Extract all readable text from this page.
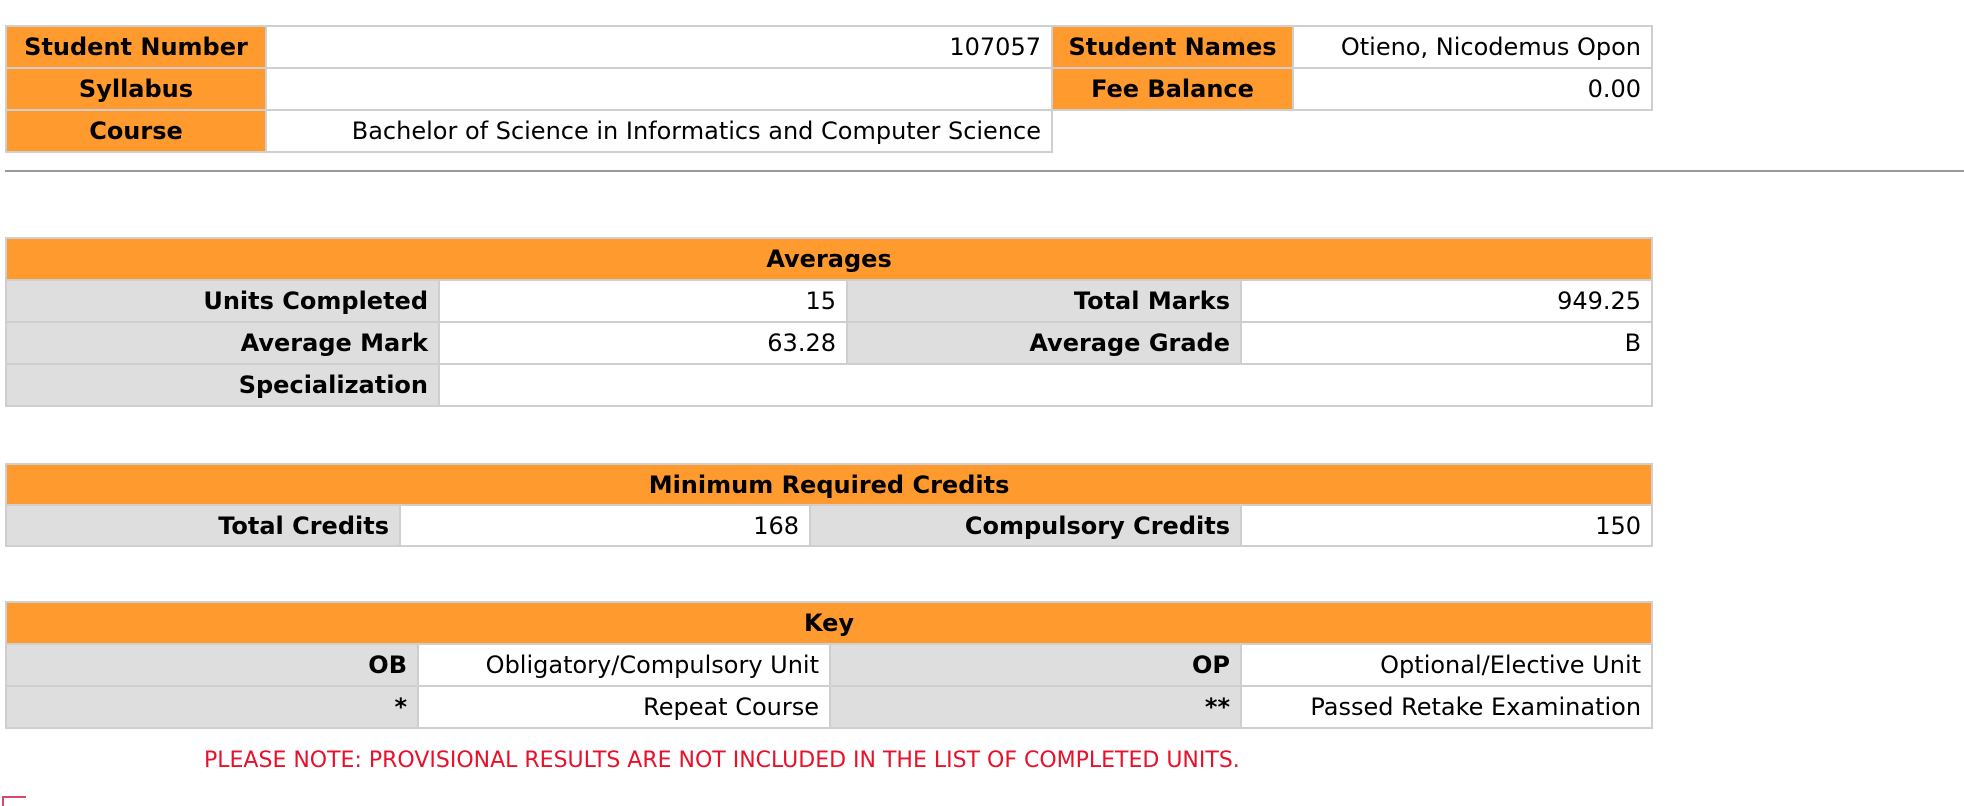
Student Number	107057	Student Names	Otieno, Nicodemus Opon
Syllabus		Fee Balance	0.00
Course	Bachelor of Science in Informatics and Computer Science		
Averages			
Units Completed	15	Total Marks	949.25
Average Mark	63.28	Average Grade	B
Specialization			
Minimum Required Credits
Total Credits	168	Compulsory Credits	150
Key			
OB	Obligatory/Compulsory Unit	OP	Optional/Elective Unit
*	Repeat Course	**	Passed Retake Examination
PLEASE NOTE: PROVISIONAL RESULTS ARE NOT INCLUDED IN THE LIST OF COMPLETED UNITS.
